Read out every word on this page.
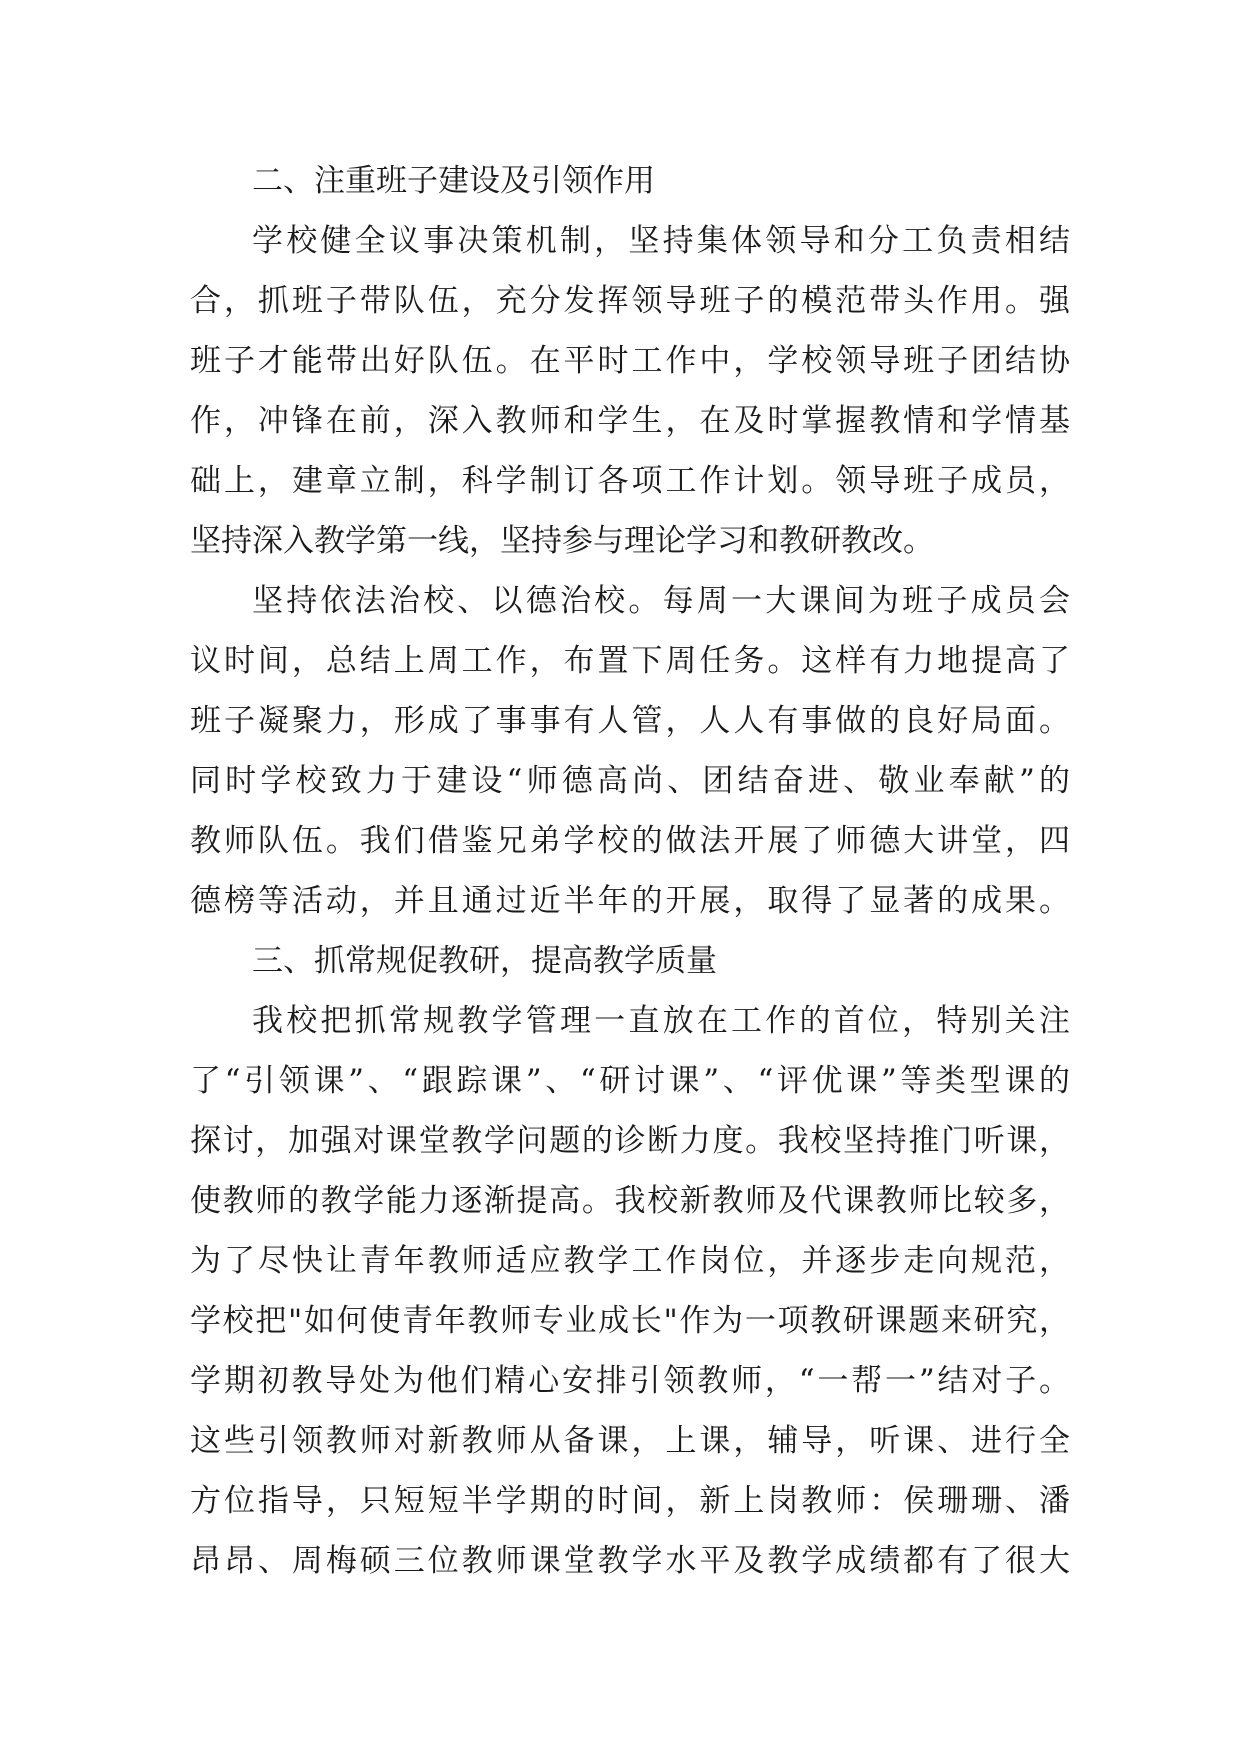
二、注重班子建设及引领作用
学校健全议事决策机制，坚持集体领导和分工负责相结
合，抓班子带队伍，充分发挥领导班子的模范带头作用。强
班子才能带出好队伍。在平时工作中，学校领导班子团结协
作，冲锋在前，深入教师和学生，在及时掌握教情和学情基
础上，建章立制，科学制订各项工作计划。领导班子成员，
坚持深入教学第一线，坚持参与理论学习和教研教改。
坚持依法治校、以德治校。每周一大课间为班子成员会
议时间，总结上周工作，布置下周任务。这样有力地提高了
班子凝聚力，形成了事事有人管，人人有事做的良好局面。
同时学校致力于建设“师德高尚、团结奋进、敬业奉献”的
教师队伍。我们借鉴兄弟学校的做法开展了师德大讲堂，四
德榜等活动，并且通过近半年的开展，取得了显著的成果。
三、抓常规促教研，提高教学质量
我校把抓常规教学管理一直放在工作的首位，特别关注
了“引领课”、“跟踪课”、“研讨课”、“评优课”等类型课的
探讨，加强对课堂教学问题的诊断力度。我校坚持推门听课，
使教师的教学能力逐渐提高。我校新教师及代课教师比较多，
为了尽快让青年教师适应教学工作岗位，并逐步走向规范，
学校把"如何使青年教师专业成长"作为一项教研课题来研究，
学期初教导处为他们精心安排引领教师，“一帮一”结对子。
这些引领教师对新教师从备课，上课，辅导，听课、进行全
方位指导，只短短半学期的时间，新上岗教师：侯珊珊、潘
昂昂、周梅硕三位教师课堂教学水平及教学成绩都有了很大
